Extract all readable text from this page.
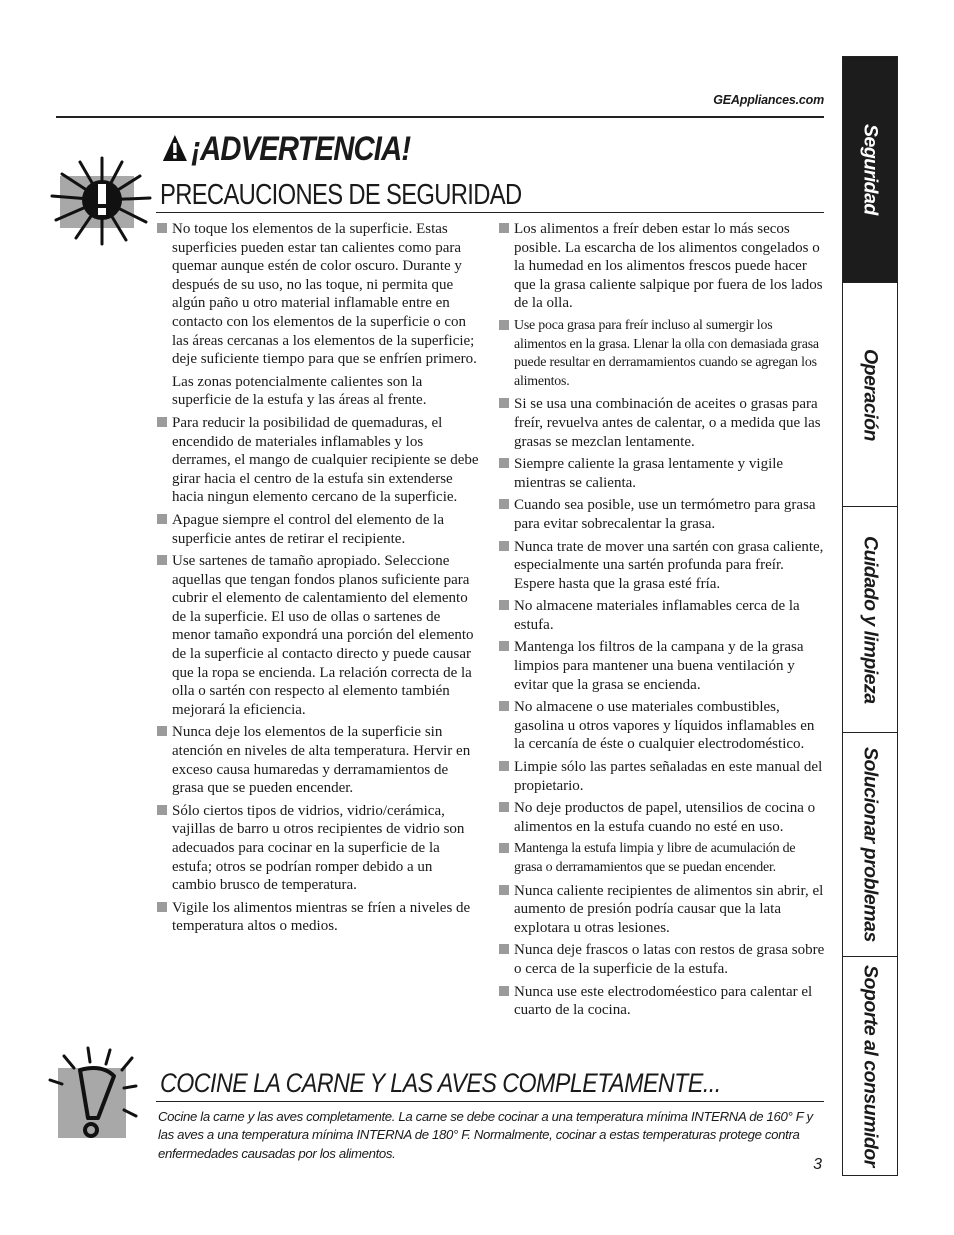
GEAppliances.com
¡ADVERTENCIA!
PRECAUCIONES DE SEGURIDAD
No toque los elementos de la superficie. Estas superficies pueden estar tan calientes como para quemar aunque estén de color oscuro. Durante y después de su uso, no las toque, ni permita que algún paño u otro material inflamable entre en contacto con los elementos de la superficie o con las áreas cercanas a los elementos de la superficie; deje suficiente tiempo para que se enfríen primero.
Las zonas potencialmente calientes son la superficie de la estufa y las áreas al frente.
Para reducir la posibilidad de quemaduras, el encendido de materiales inflamables y los derrames, el mango de cualquier recipiente se debe girar hacia el centro de la estufa sin extenderse hacia ningun elemento cercano de la superficie.
Apague siempre el control del elemento de la superficie antes de retirar el recipiente.
Use sartenes de tamaño apropiado. Seleccione aquellas que tengan fondos planos suficiente para cubrir el elemento de calentamiento del elemento de la superficie. El uso de ollas o sartenes de menor tamaño expondrá una porción del elemento de la superficie al contacto directo y puede causar que la ropa se encienda. La relación correcta de la olla o sartén con respecto al elemento también mejorará la eficiencia.
Nunca deje los elementos de la superficie sin atención en niveles de alta temperatura. Hervir en exceso causa humaredas y derramamientos de grasa que se pueden encender.
Sólo ciertos tipos de vidrios, vidrio/cerámica, vajillas de barro u otros recipientes de vidrio son adecuados para cocinar en la superficie de la estufa; otros se podrían romper debido a un cambio brusco de temperatura.
Vigile los alimentos mientras se fríen a niveles de temperatura altos o medios.
Los alimentos a freír deben estar lo más secos posible. La escarcha de los alimentos congelados o la humedad en los alimentos frescos puede hacer que la grasa caliente salpique por fuera de los lados de la olla.
Use poca grasa para freír incluso al sumergir los alimentos en la grasa. Llenar la olla con demasiada grasa puede resultar en derramamientos cuando se agregan los alimentos.
Si se usa una combinación de aceites o grasas para freír, revuelva antes de calentar, o a medida que las grasas se mezclan lentamente.
Siempre caliente la grasa lentamente y vigile mientras se calienta.
Cuando sea posible, use un termómetro para grasa para evitar sobrecalentar la grasa.
Nunca trate de mover una sartén con grasa caliente, especialmente una sartén profunda para freír. Espere hasta que la grasa esté fría.
No almacene materiales inflamables cerca de la estufa.
Mantenga los filtros de la campana y de la grasa limpios para mantener una buena ventilación y evitar que la grasa se encienda.
No almacene o use materiales combustibles, gasolina u otros vapores y líquidos inflamables en la cercanía de éste o cualquier electrodoméstico.
Limpie sólo las partes señaladas en este manual del propietario.
No deje productos de papel, utensilios de cocina o alimentos en la estufa cuando no esté en uso.
Mantenga la estufa limpia y libre de acumulación de grasa o derramamientos que se puedan encender.
Nunca caliente recipientes de alimentos sin abrir, el aumento de presión podría causar que la lata explotara u otras lesiones.
Nunca deje frascos o latas con restos de grasa sobre o cerca de la superficie de la estufa.
Nunca use este electrodoméestico para calentar el cuarto de la cocina.
COCINE LA CARNE Y LAS AVES COMPLETAMENTE...
Cocine la carne y las aves completamente. La carne se debe cocinar a una temperatura mínima INTERNA de 160° F y las aves a una temperatura mínima INTERNA de 180° F. Normalmente, cocinar a estas temperaturas protege contra enfermedades causadas por los alimentos.
3
Seguridad
Operación
Cuidado y limpieza
Solucionar problemas
Soporte al consumidor
